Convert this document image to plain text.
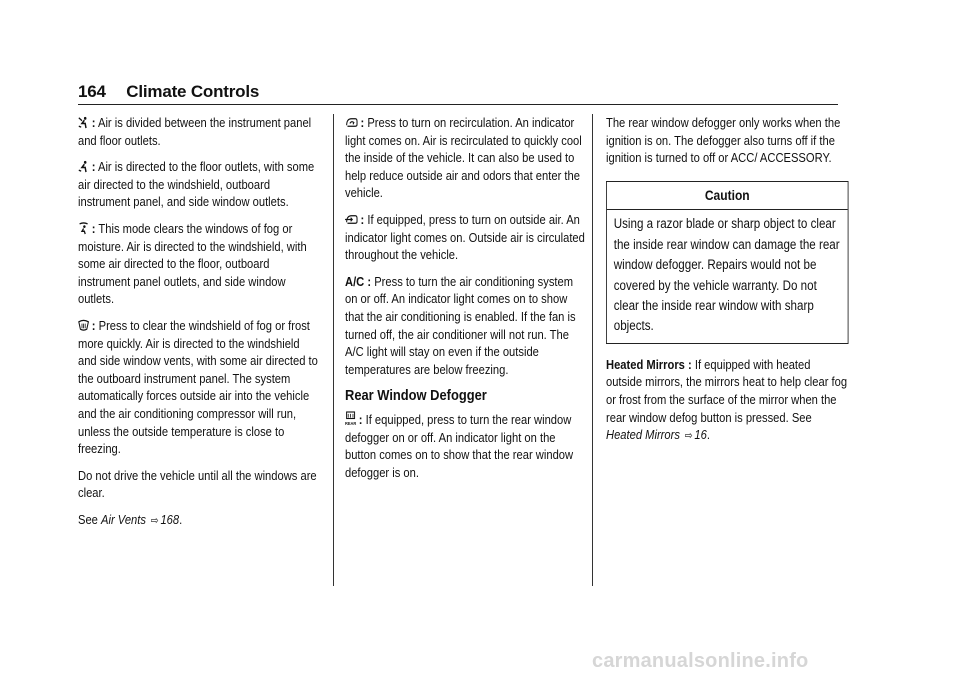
164 Climate Controls

: Air is divided between the instrument panel and floor outlets.

: Air is directed to the floor outlets, with some air directed to the windshield, outboard instrument panel, and side window outlets.

: This mode clears the windows of fog or moisture. Air is directed to the windshield, with some air directed to the floor, outboard instrument panel outlets, and side window outlets.

: Press to clear the windshield of fog or frost more quickly. Air is directed to the windshield and side window vents, with some air directed to the outboard instrument panel. The system automatically forces outside air into the vehicle and the air conditioning compressor will run, unless the outside temperature is close to freezing.

Do not drive the vehicle until all the windows are clear.

See Air Vents ⇨ 168.

: Press to turn on recirculation. An indicator light comes on. Air is recirculated to quickly cool the inside of the vehicle. It can also be used to help reduce outside air and odors that enter the vehicle.

: If equipped, press to turn on outside air. An indicator light comes on. Outside air is circulated throughout the vehicle.

A/C : Press to turn the air conditioning system on or off. An indicator light comes on to show that the air conditioning is enabled. If the fan is turned off, the air conditioner will not run. The A/C light will stay on even if the outside temperatures are below freezing.

Rear Window Defogger

REAR : If equipped, press to turn the rear window defogger on or off. An indicator light on the button comes on to show that the rear window defogger is on.

The rear window defogger only works when the ignition is on. The defogger also turns off if the ignition is turned to off or ACC/ ACCESSORY.

Caution
Using a razor blade or sharp object to clear the inside rear window can damage the rear window defogger. Repairs would not be covered by the vehicle warranty. Do not clear the inside rear window with sharp objects.

Heated Mirrors : If equipped with heated outside mirrors, the mirrors heat to help clear fog or frost from the surface of the mirror when the rear window defog button is pressed. See Heated Mirrors ⇨ 16.

carmanualsonline.info
